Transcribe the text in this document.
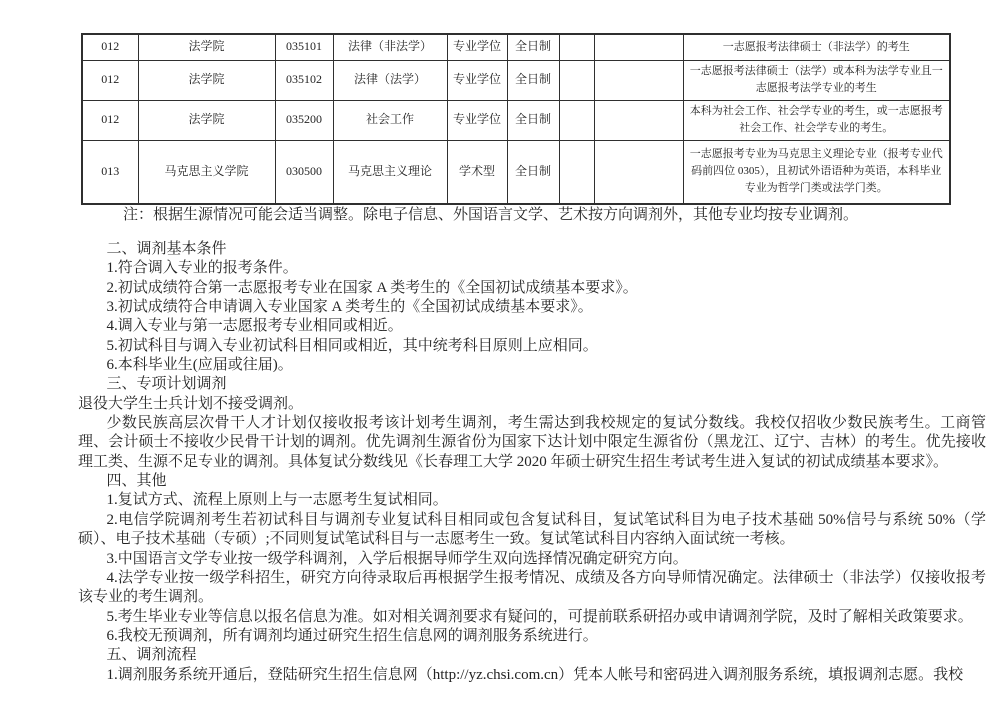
012	法学院	035101	法律（非法学）	专业学位	全日制			一志愿报考法律硕士（非法学）的考生
012	法学院	035102	法律（法学）	专业学位	全日制			一志愿报考法律硕士（法学）或本科为法学专业且一志愿报考法学专业的考生
012	法学院	035200	社会工作	专业学位	全日制			本科为社会工作、社会学专业的考生，或一志愿报考社会工作、社会学专业的考生。
013	马克思主义学院	030500	马克思主义理论	学术型	全日制			一志愿报考专业为马克思主义理论专业（报考专业代码前四位 0305），且初试外语语种为英语，本科毕业专业为哲学门类或法学门类。

注：根据生源情况可能会适当调整。除电子信息、外国语言文学、艺术按方向调剂外，其他专业均按专业调剂。

二、调剂基本条件

1.符合调入专业的报考条件。

2.初试成绩符合第一志愿报考专业在国家 A 类考生的《全国初试成绩基本要求》。

3.初试成绩符合申请调入专业国家 A 类考生的《全国初试成绩基本要求》。

4.调入专业与第一志愿报考专业相同或相近。

5.初试科目与调入专业初试科目相同或相近，其中统考科目原则上应相同。

6.本科毕业生(应届或往届)。

三、专项计划调剂

退役大学生士兵计划不接受调剂。

少数民族高层次骨干人才计划仅接收报考该计划考生调剂，考生需达到我校规定的复试分数线。我校仅招收少数民族考生。工商管理、会计硕士不接收少民骨干计划的调剂。优先调剂生源省份为国家下达计划中限定生源省份（黑龙江、辽宁、吉林）的考生。优先接收理工类、生源不足专业的调剂。具体复试分数线见《长春理工大学 2020 年硕士研究生招生考试考生进入复试的初试成绩基本要求》。

四、其他

1.复试方式、流程上原则上与一志愿考生复试相同。

2.电信学院调剂考生若初试科目与调剂专业复试科目相同或包含复试科目，复试笔试科目为电子技术基础 50%信号与系统 50%（学硕）、电子技术基础（专硕）;不同则复试笔试科目与一志愿考生一致。复试笔试科目内容纳入面试统一考核。

3.中国语言文学专业按一级学科调剂，入学后根据导师学生双向选择情况确定研究方向。

4.法学专业按一级学科招生，研究方向待录取后再根据学生报考情况、成绩及各方向导师情况确定。法律硕士（非法学）仅接收报考该专业的考生调剂。

5.考生毕业专业等信息以报名信息为准。如对相关调剂要求有疑问的，可提前联系研招办或申请调剂学院，及时了解相关政策要求。

6.我校无预调剂，所有调剂均通过研究生招生信息网的调剂服务系统进行。

五、调剂流程

1.调剂服务系统开通后，登陆研究生招生信息网（http://yz.chsi.com.cn）凭本人帐号和密码进入调剂服务系统，填报调剂志愿。我校
